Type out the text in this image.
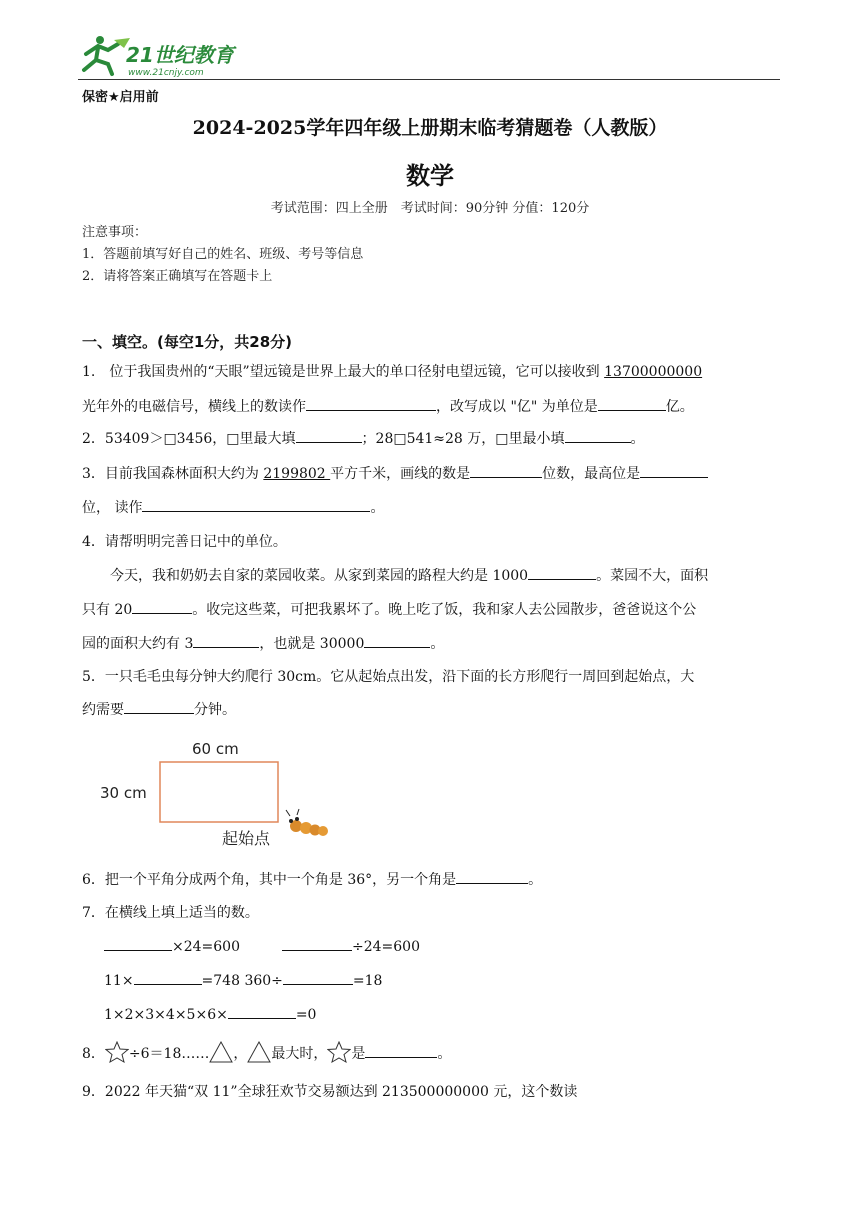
21世纪教育
www.21cnjy.com
保密★启用前
2024-2025学年四年级上册期末临考猜题卷（人教版）
数学
考试范围：四上全册　考试时间：90分钟 分值：120分
注意事项：
1．答题前填写好自己的姓名、班级、考号等信息
2．请将答案正确填写在答题卡上
一、填空。(每空1分，共28分)
1.　位于我国贵州的“天眼”望远镜是世界上最大的单口径射电望远镜，它可以接收到 13700000000
光年外的电磁信号，横线上的数读作	，改写成以 "亿" 为单位是	亿。
2．53409＞□3456，□里最大填	；28□541≈28 万，□里最小填	。
3．目前我国森林面积大约为 2199802 平方千米，画线的数是	位数，最高位是
位， 读作	。
4．请帮明明完善日记中的单位。
今天，我和奶奶去自家的菜园收菜。从家到菜园的路程大约是 1000	。菜园不大，面积
只有 20	。收完这些菜，可把我累坏了。晚上吃了饭，我和家人去公园散步，爸爸说这个公
园的面积大约有 3	，也就是 30000	。
5．一只毛毛虫每分钟大约爬行 30cm。它从起始点出发，沿下面的长方形爬行一周回到起始点，大
约需要	分钟。
60 cm
30 cm
起始点
6．把一个平角分成两个角，其中一个角是 36°，另一个角是	。
7．在横线上填上适当的数。
×24=600	÷24=600
11×	=748 360÷	=18
1×2×3×4×5×6×	=0
8． ÷6＝18…… ， 最大时， 是	。
9．2022 年天猫“双 11”全球狂欢节交易额达到 213500000000 元，这个数读
